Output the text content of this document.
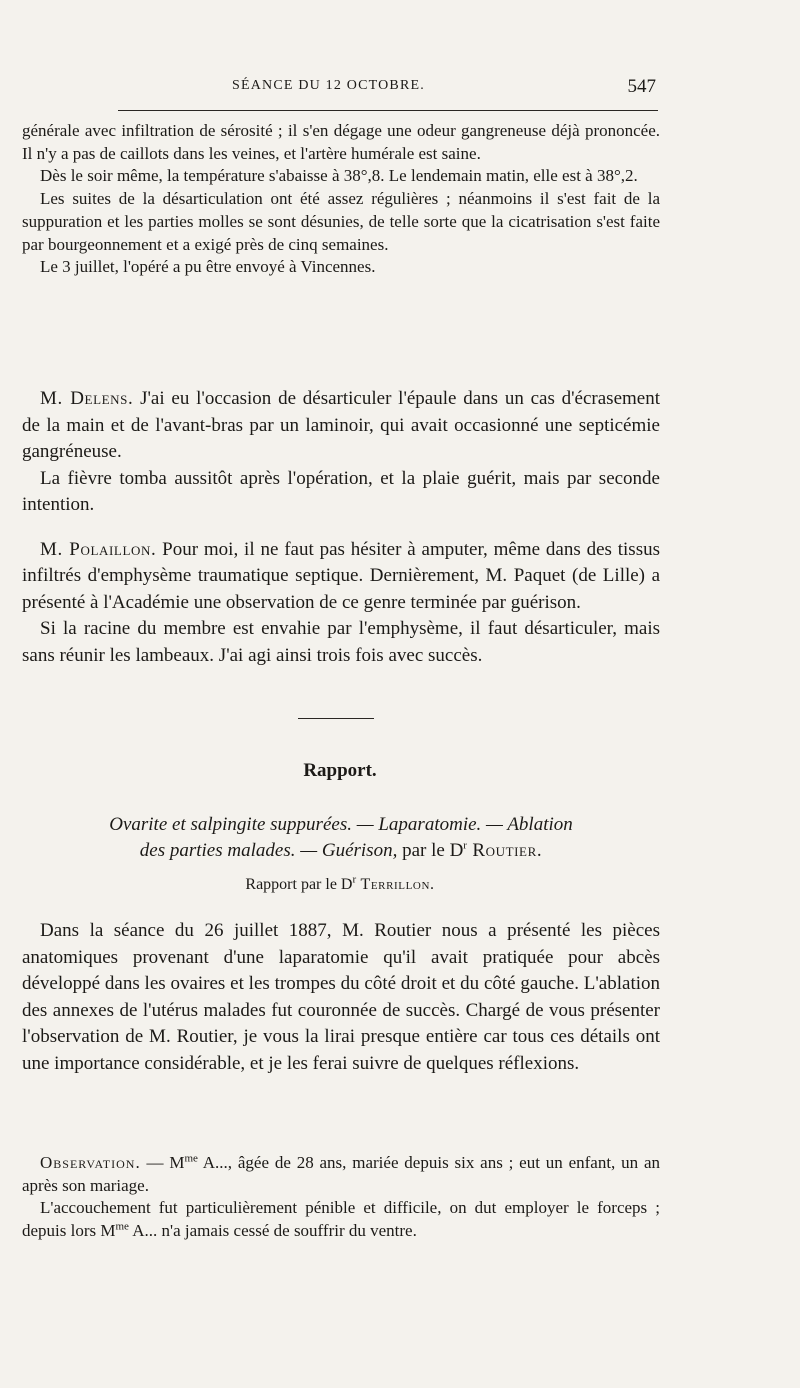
SÉANCE DU 12 OCTOBRE.	547

générale avec infiltration de sérosité ; il s'en dégage une odeur gangreneuse déjà prononcée. Il n'y a pas de caillots dans les veines, et l'artère humérale est saine.

Dès le soir même, la température s'abaisse à 38°,8. Le lendemain matin, elle est à 38°,2.

Les suites de la désarticulation ont été assez régulières ; néanmoins il s'est fait de la suppuration et les parties molles se sont désunies, de telle sorte que la cicatrisation s'est faite par bourgeonnement et a exigé près de cinq semaines.

Le 3 juillet, l'opéré a pu être envoyé à Vincennes.

M. Delens. J'ai eu l'occasion de désarticuler l'épaule dans un cas d'écrasement de la main et de l'avant-bras par un laminoir, qui avait occasionné une septicémie gangréneuse.

La fièvre tomba aussitôt après l'opération, et la plaie guérit, mais par seconde intention.

M. Polaillon. Pour moi, il ne faut pas hésiter à amputer, même dans des tissus infiltrés d'emphysème traumatique septique. Dernièrement, M. Paquet (de Lille) a présenté à l'Académie une observation de ce genre terminée par guérison.

Si la racine du membre est envahie par l'emphysème, il faut désarticuler, mais sans réunir les lambeaux. J'ai agi ainsi trois fois avec succès.

Rapport.
Ovarite et salpingite suppurées. — Laparatomie. — Ablation
des parties malades. — Guérison, par le $D^r$ Routier.
Rapport par le $D^r$ Terrillon.

Dans la séance du 26 juillet 1887, M. Routier nous a présenté les pièces anatomiques provenant d'une laparatomie qu'il avait pratiquée pour abcès développé dans les ovaires et les trompes du côté droit et du côté gauche. L'ablation des annexes de l'utérus malades fut couronnée de succès. Chargé de vous présenter l'observation de M. Routier, je vous la lirai presque entière car tous ces détails ont une importance considérable, et je les ferai suivre de quelques réflexions.

Observation. — $M^{me}$ A..., âgée de 28 ans, mariée depuis six ans ; eut un enfant, un an après son mariage.

L'accouchement fut particulièrement pénible et difficile, on dut employer le forceps ; depuis lors $M^{me}$ A... n'a jamais cessé de souffrir du ventre.
